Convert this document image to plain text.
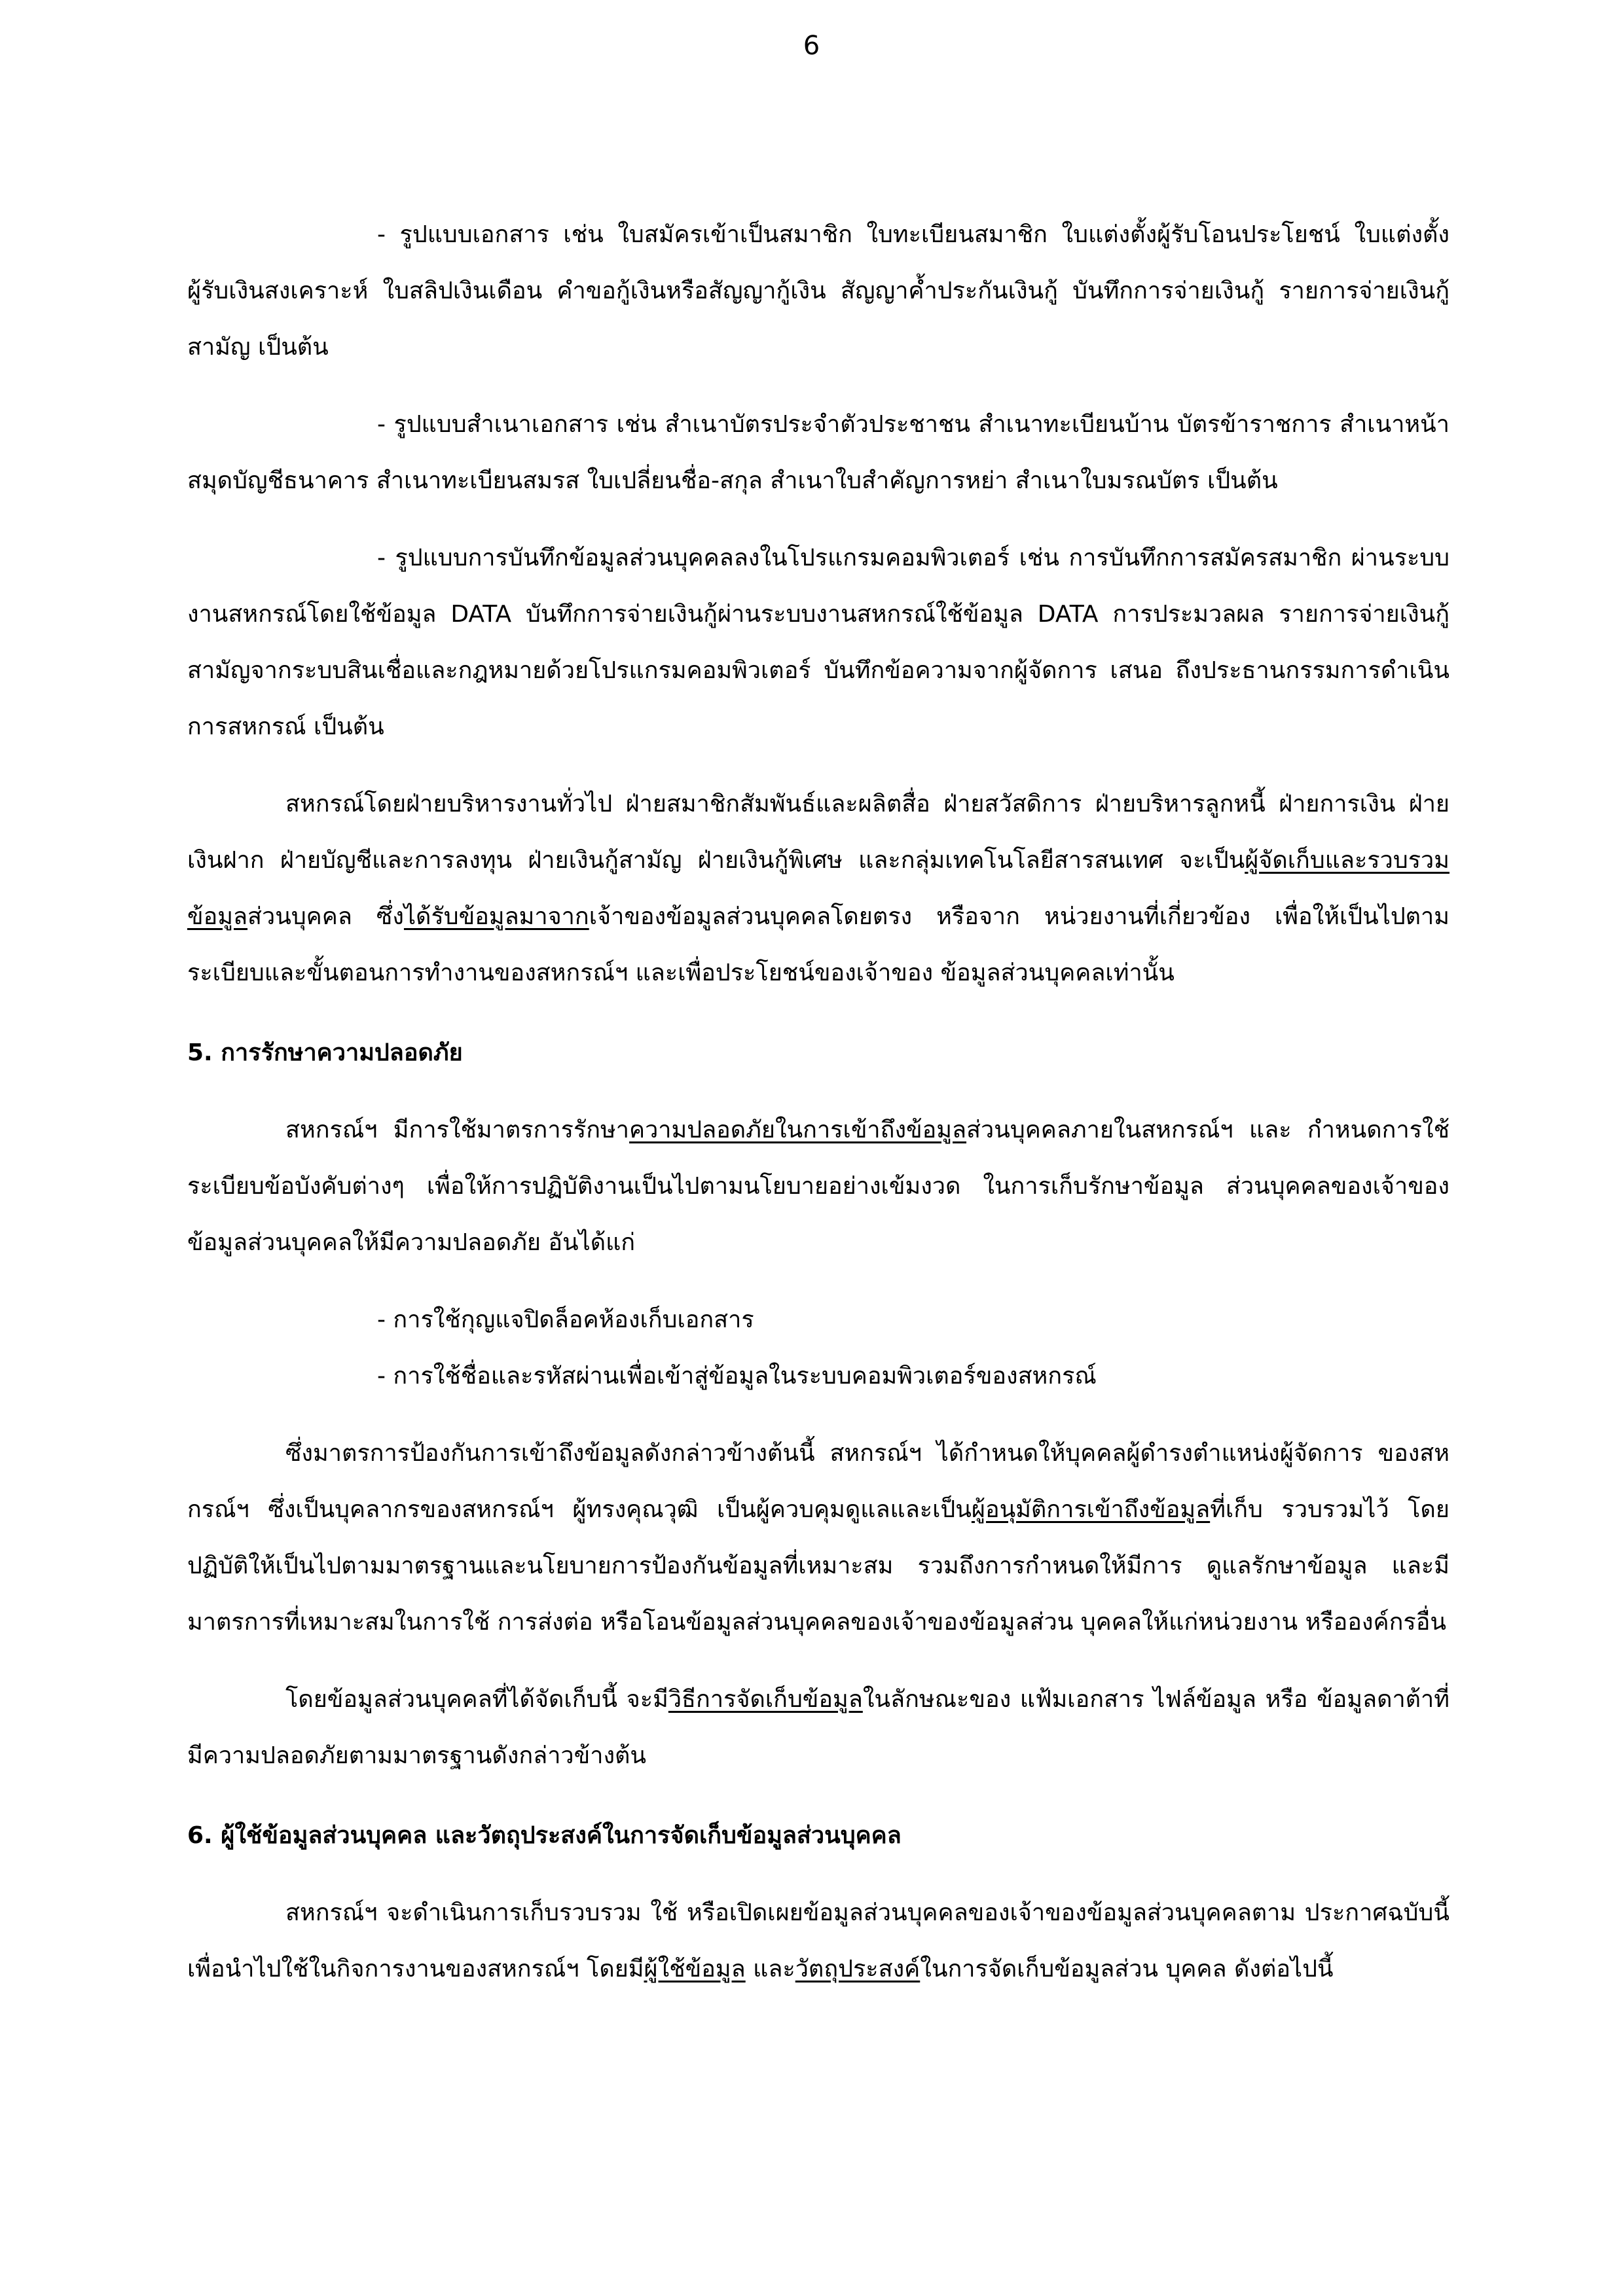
6

- รูปแบบเอกสาร เช่น ใบสมัครเข้าเป็นสมาชิก ใบทะเบียนสมาชิก ใบแต่งตั้งผู้รับโอนประโยชน์ ใบแต่งตั้งผู้รับเงินสงเคราะห์ ใบสลิปเงินเดือน คำขอกู้เงินหรือสัญญากู้เงิน สัญญาค้ำประกันเงินกู้ บันทึกการจ่ายเงินกู้ รายการจ่ายเงินกู้สามัญ เป็นต้น

- รูปแบบสำเนาเอกสาร เช่น สำเนาบัตรประจำตัวประชาชน สำเนาทะเบียนบ้าน บัตรข้าราชการ สำเนาหน้าสมุดบัญชีธนาคาร สำเนาทะเบียนสมรส ใบเปลี่ยนชื่อ-สกุล สำเนาใบสำคัญการหย่า สำเนาใบมรณบัตร เป็นต้น

- รูปแบบการบันทึกข้อมูลส่วนบุคคลลงในโปรแกรมคอมพิวเตอร์ เช่น การบันทึกการสมัครสมาชิก ผ่านระบบงานสหกรณ์โดยใช้ข้อมูล DATA บันทึกการจ่ายเงินกู้ผ่านระบบงานสหกรณ์ใช้ข้อมูล DATA การประมวลผล รายการจ่ายเงินกู้สามัญจากระบบสินเชื่อและกฎหมายด้วยโปรแกรมคอมพิวเตอร์ บันทึกข้อความจากผู้จัดการ เสนอ ถึงประธานกรรมการดำเนินการสหกรณ์ เป็นต้น

สหกรณ์โดยฝ่ายบริหารงานทั่วไป ฝ่ายสมาชิกสัมพันธ์และผลิตสื่อ ฝ่ายสวัสดิการ ฝ่ายบริหารลูกหนี้ ฝ่ายการเงิน ฝ่ายเงินฝาก ฝ่ายบัญชีและการลงทุน ฝ่ายเงินกู้สามัญ ฝ่ายเงินกู้พิเศษ และกลุ่มเทคโนโลยีสารสนเทศ จะเป็นผู้จัดเก็บและรวบรวมข้อมูลส่วนบุคคล ซึ่งได้รับข้อมูลมาจากเจ้าของข้อมูลส่วนบุคคลโดยตรง หรือจาก หน่วยงานที่เกี่ยวข้อง เพื่อให้เป็นไปตามระเบียบและขั้นตอนการทำงานของสหกรณ์ฯ และเพื่อประโยชน์ของเจ้าของ ข้อมูลส่วนบุคคลเท่านั้น

5. การรักษาความปลอดภัย

สหกรณ์ฯ มีการใช้มาตรการรักษาความปลอดภัยในการเข้าถึงข้อมูลส่วนบุคคลภายในสหกรณ์ฯ และ กำหนดการใช้ระเบียบข้อบังคับต่างๆ เพื่อให้การปฏิบัติงานเป็นไปตามนโยบายอย่างเข้มงวด ในการเก็บรักษาข้อมูล ส่วนบุคคลของเจ้าของข้อมูลส่วนบุคคลให้มีความปลอดภัย อันได้แก่

- การใช้กุญแจปิดล็อคห้องเก็บเอกสาร

- การใช้ชื่อและรหัสผ่านเพื่อเข้าสู่ข้อมูลในระบบคอมพิวเตอร์ของสหกรณ์

ซึ่งมาตรการป้องกันการเข้าถึงข้อมูลดังกล่าวข้างต้นนี้ สหกรณ์ฯ ได้กำหนดให้บุคคลผู้ดำรงตำแหน่งผู้จัดการ ของสหกรณ์ฯ ซึ่งเป็นบุคลากรของสหกรณ์ฯ ผู้ทรงคุณวุฒิ เป็นผู้ควบคุมดูแลและเป็นผู้อนุมัติการเข้าถึงข้อมูลที่เก็บ รวบรวมไว้ โดยปฏิบัติให้เป็นไปตามมาตรฐานและนโยบายการป้องกันข้อมูลที่เหมาะสม รวมถึงการกำหนดให้มีการ ดูแลรักษาข้อมูล และมีมาตรการที่เหมาะสมในการใช้ การส่งต่อ หรือโอนข้อมูลส่วนบุคคลของเจ้าของข้อมูลส่วน บุคคลให้แก่หน่วยงาน หรือองค์กรอื่น

โดยข้อมูลส่วนบุคคลที่ได้จัดเก็บนี้ จะมีวิธีการจัดเก็บข้อมูลในลักษณะของ แฟ้มเอกสาร ไฟล์ข้อมูล หรือ ข้อมูลดาต้าที่มีความปลอดภัยตามมาตรฐานดังกล่าวข้างต้น

6. ผู้ใช้ข้อมูลส่วนบุคคล และวัตถุประสงค์ในการจัดเก็บข้อมูลส่วนบุคคล

สหกรณ์ฯ จะดำเนินการเก็บรวบรวม ใช้ หรือเปิดเผยข้อมูลส่วนบุคคลของเจ้าของข้อมูลส่วนบุคคลตาม ประกาศฉบับนี้เพื่อนำไปใช้ในกิจการงานของสหกรณ์ฯ โดยมีผู้ใช้ข้อมูล และวัตถุประสงค์ในการจัดเก็บข้อมูลส่วน บุคคล ดังต่อไปนี้
